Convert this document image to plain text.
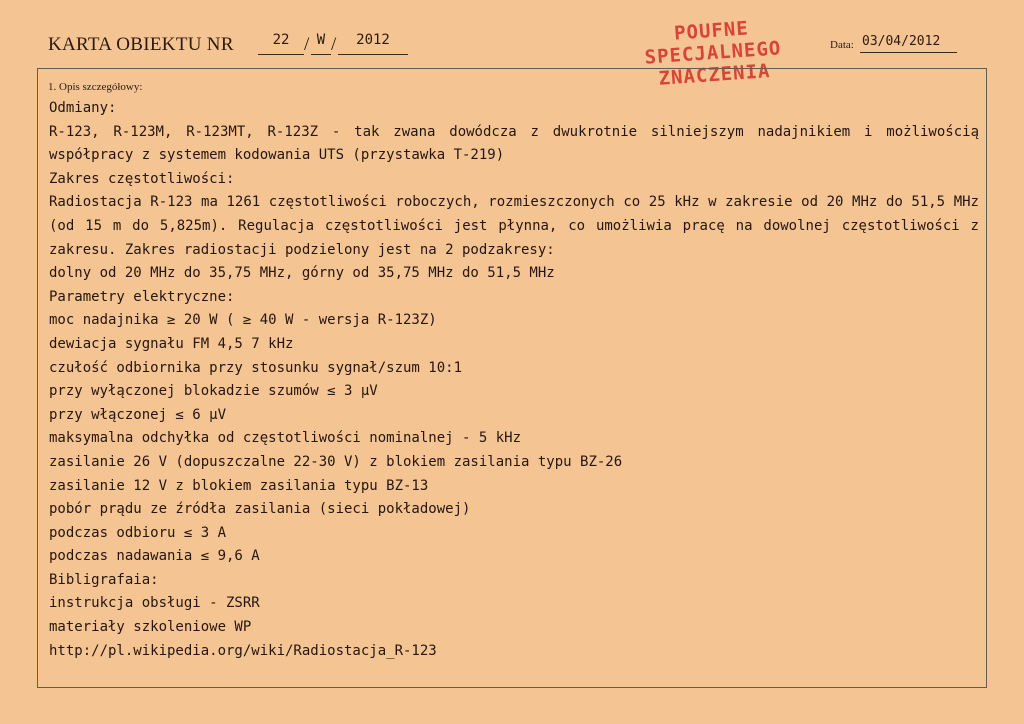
KARTA OBIEKTU NR	22 / W /	2012	POUFNE
SPECJALNEGO
ZNACZENIA
Data: 03/04/2012
1. Opis szczegółowy:

Odmiany:

R-123, R-123M, R-123MT, R-123Z - tak zwana dowódcza z dwukrotnie silniejszym nadajnikiem i możliwością współpracy z systemem kodowania UTS (przystawka T-219)

Zakres częstotliwości:

Radiostacja R-123 ma 1261 częstotliwości roboczych, rozmieszczonych co 25 kHz w zakresie od 20 MHz do 51,5 MHz (od 15 m do 5,825m). Regulacja częstotliwości jest płynna, co umożliwia pracę na dowolnej częstotliwości z zakresu. Zakres radiostacji podzielony jest na 2 podzakresy:

dolny od 20 MHz do 35,75 MHz, górny od 35,75 MHz do 51,5 MHz

Parametry elektryczne:

moc nadajnika ≥ 20 W ( ≥ 40 W - wersja R-123Z)

dewiacja sygnału FM 4,5 7 kHz

czułość odbiornika przy stosunku sygnał/szum 10:1

przy wyłączonej blokadzie szumów ≤ 3 μV

przy włączonej ≤ 6 μV

maksymalna odchyłka od częstotliwości nominalnej - 5 kHz

zasilanie 26 V (dopuszczalne 22-30 V) z blokiem zasilania typu BZ-26

zasilanie 12 V z blokiem zasilania typu BZ-13

pobór prądu ze źródła zasilania (sieci pokładowej)

podczas odbioru ≤ 3 A

podczas nadawania ≤ 9,6 A

Bibligrafaia:

instrukcja obsługi - ZSRR

materiały szkoleniowe WP

http://pl.wikipedia.org/wiki/Radiostacja_R-123
